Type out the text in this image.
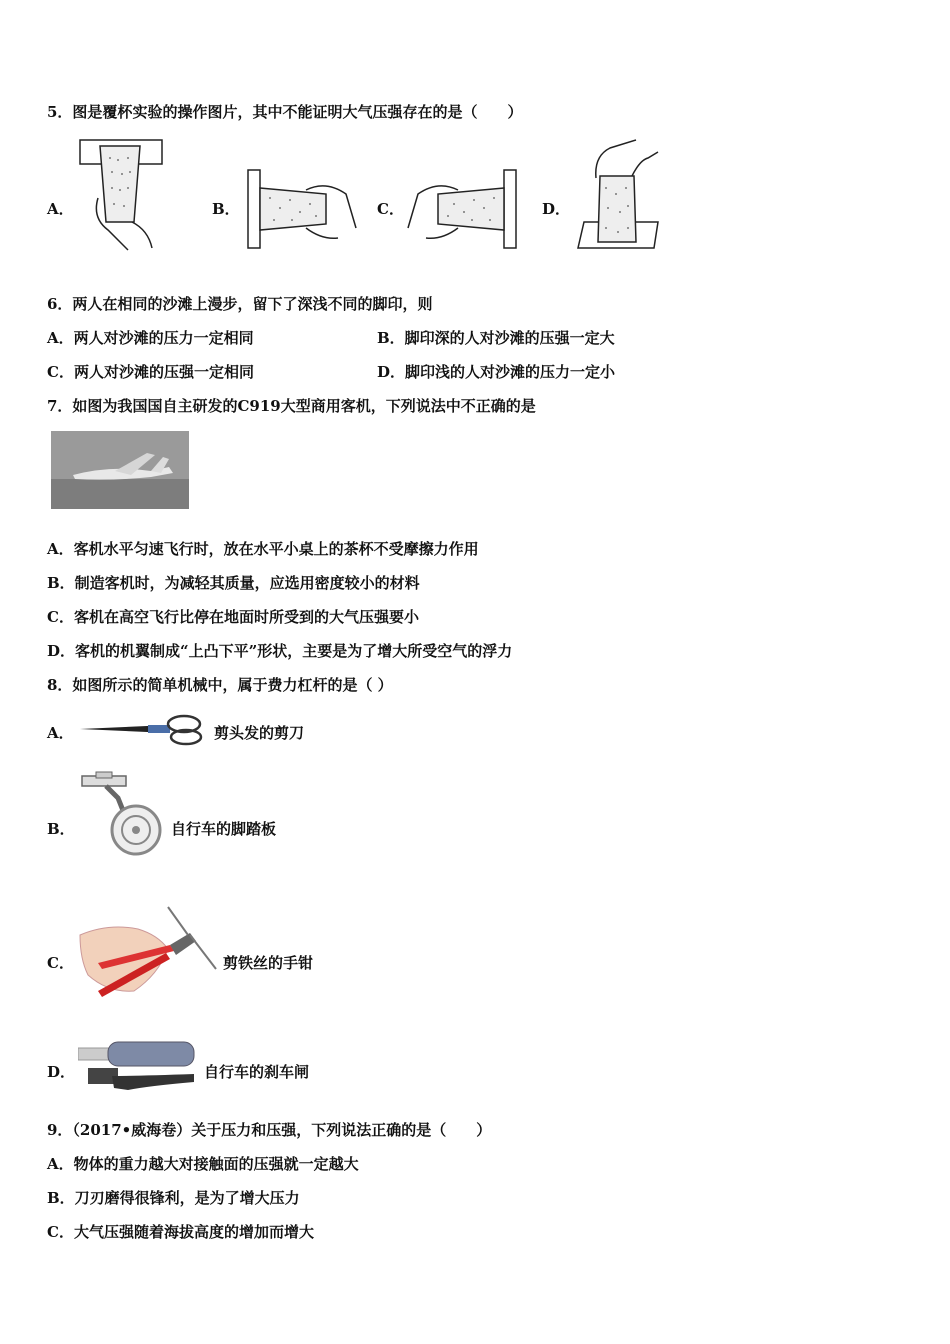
5．图是覆杯实验的操作图片，其中不能证明大气压强存在的是（　　）
A．	B．	C．	D．
6．两人在相同的沙滩上漫步，留下了深浅不同的脚印，则
A．两人对沙滩的压力一定相同	B．脚印深的人对沙滩的压强一定大
C．两人对沙滩的压强一定相同	D．脚印浅的人对沙滩的压力一定小
7．如图为我国国自主研发的C919大型商用客机，下列说法中不正确的是
A．客机水平匀速飞行时，放在水平小桌上的茶杯不受摩擦力作用
B．制造客机时，为减轻其质量，应选用密度较小的材料
C．客机在高空飞行比停在地面时所受到的大气压强要小
D．客机的机翼制成“上凸下平”形状，主要是为了增大所受空气的浮力
8．如图所示的简单机械中，属于费力杠杆的是（ ）
A．	剪头发的剪刀
B．	自行车的脚踏板
C．	剪铁丝的手钳
D．	自行车的刹车闸
9．（2017•威海卷）关于压力和压强，下列说法正确的是（　　）
A．物体的重力越大对接触面的压强就一定越大
B．刀刃磨得很锋利，是为了增大压力
C．大气压强随着海拔高度的增加而增大
